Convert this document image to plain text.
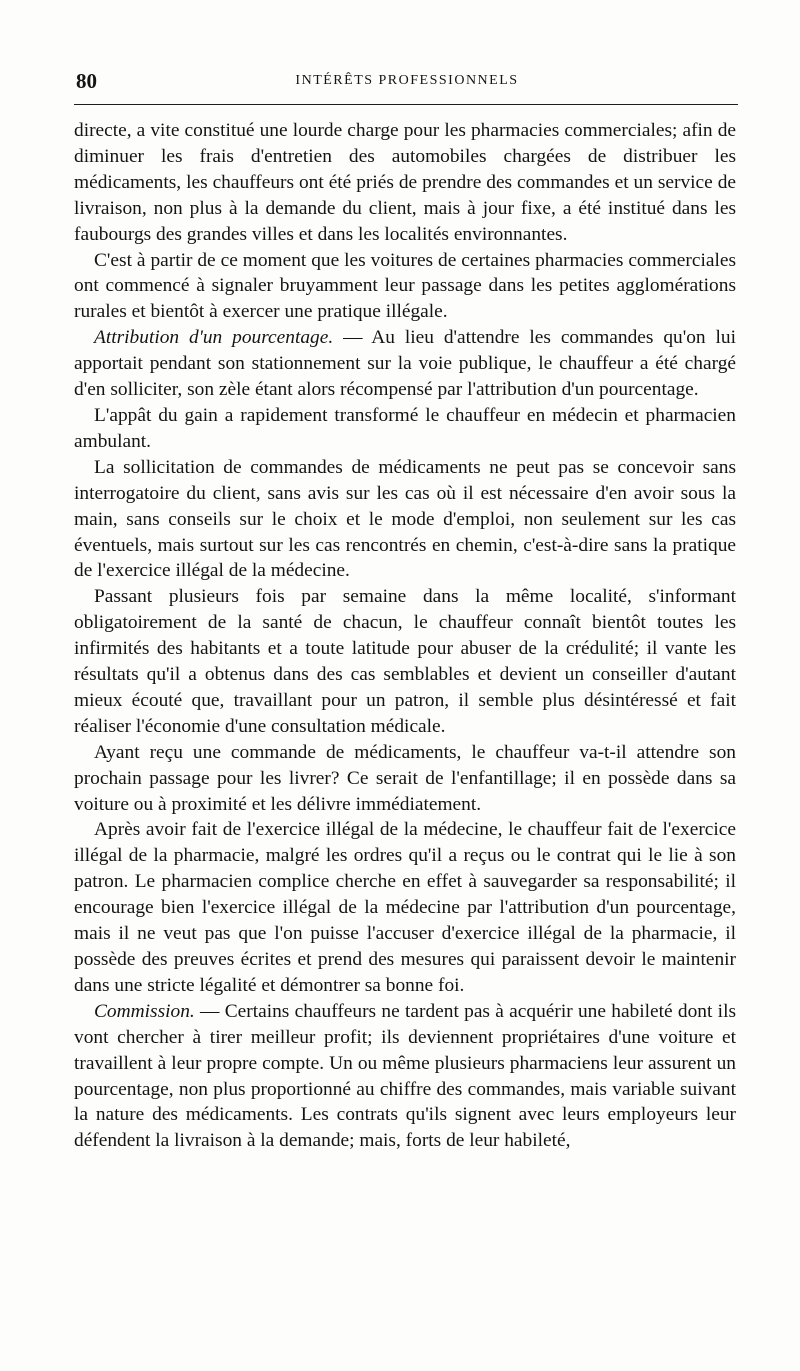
80	INTÉRÊTS PROFESSIONNELS

directe, a vite constitué une lourde charge pour les pharmacies commerciales; afin de diminuer les frais d'entretien des automobiles chargées de distribuer les médicaments, les chauffeurs ont été priés de prendre des commandes et un service de livraison, non plus à la demande du client, mais à jour fixe, a été institué dans les faubourgs des grandes villes et dans les localités environnantes.

C'est à partir de ce moment que les voitures de certaines pharmacies commerciales ont commencé à signaler bruyamment leur passage dans les petites agglomérations rurales et bientôt à exercer une pratique illégale.

Attribution d'un pourcentage. — Au lieu d'attendre les commandes qu'on lui apportait pendant son stationnement sur la voie publique, le chauffeur a été chargé d'en solliciter, son zèle étant alors récompensé par l'attribution d'un pourcentage.

L'appât du gain a rapidement transformé le chauffeur en médecin et pharmacien ambulant.

La sollicitation de commandes de médicaments ne peut pas se concevoir sans interrogatoire du client, sans avis sur les cas où il est nécessaire d'en avoir sous la main, sans conseils sur le choix et le mode d'emploi, non seulement sur les cas éventuels, mais surtout sur les cas rencontrés en chemin, c'est-à-dire sans la pratique de l'exercice illégal de la médecine.

Passant plusieurs fois par semaine dans la même localité, s'informant obligatoirement de la santé de chacun, le chauffeur connaît bientôt toutes les infirmités des habitants et a toute latitude pour abuser de la crédulité; il vante les résultats qu'il a obtenus dans des cas semblables et devient un conseiller d'autant mieux écouté que, travaillant pour un patron, il semble plus désintéressé et fait réaliser l'économie d'une consultation médicale.

Ayant reçu une commande de médicaments, le chauffeur va-t-il attendre son prochain passage pour les livrer? Ce serait de l'enfantillage; il en possède dans sa voiture ou à proximité et les délivre immédiatement.

Après avoir fait de l'exercice illégal de la médecine, le chauffeur fait de l'exercice illégal de la pharmacie, malgré les ordres qu'il a reçus ou le contrat qui le lie à son patron. Le pharmacien complice cherche en effet à sauvegarder sa responsabilité; il encourage bien l'exercice illégal de la médecine par l'attribution d'un pourcentage, mais il ne veut pas que l'on puisse l'accuser d'exercice illégal de la pharmacie, il possède des preuves écrites et prend des mesures qui paraissent devoir le maintenir dans une stricte légalité et démontrer sa bonne foi.

Commission. — Certains chauffeurs ne tardent pas à acquérir une habileté dont ils vont chercher à tirer meilleur profit; ils deviennent propriétaires d'une voiture et travaillent à leur propre compte. Un ou même plusieurs pharmaciens leur assurent un pourcentage, non plus proportionné au chiffre des commandes, mais variable suivant la nature des médicaments. Les contrats qu'ils signent avec leurs employeurs leur défendent la livraison à la demande; mais, forts de leur habileté,
